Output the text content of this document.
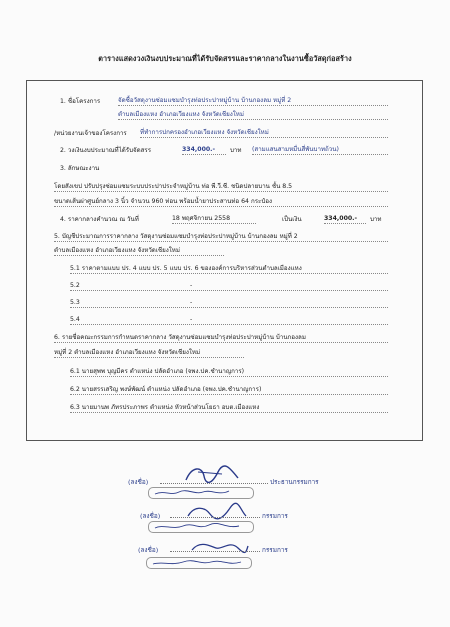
ตารางแสดงวงเงินงบประมาณที่ได้รับจัดสรรและราคากลางในงานซื้อวัสดุก่อสร้าง
1. ชื่อโครงการ	จัดซื้อวัสดุงานซ่อมแซมบำรุงท่อประปาหมู่บ้าน บ้านกองลม หมู่ที่ 2
ตำบลเมืองแหง อำเภอเวียงแหง จังหวัดเชียงใหม่
/หน่วยงานเจ้าของโครงการ ที่ทำการปกครองอำเภอเวียงแหง จังหวัดเชียงใหม่
2. วงเงินงบประมาณที่ได้รับจัดสรร	334,000.-	บาท (สามแสนสามหมื่นสี่พันบาทถ้วน)
3. ลักษณะงาน
โดยสังเขป ปรับปรุงซ่อมแซมระบบประปาประจำหมู่บ้าน ท่อ พี.วี.ซี. ชนิดปลายบาน ชั้น 8.5
ขนาดเส้นผ่าศูนย์กลาง 3 นิ้ว จำนวน 960 ท่อน พร้อมน้ำยาประสานท่อ 64 กระป๋อง
4. ราคากลางคำนวณ ณ วันที่	18 พฤศจิกายน 2558	เป็นเงิน	334,000.-	บาท
5. บัญชีประมาณการราคากลาง วัสดุงานซ่อมแซมบำรุงท่อประปาหมู่บ้าน บ้านกองลม หมู่ที่ 2
ตำบลเมืองแหง อำเภอเวียงแหง จังหวัดเชียงใหม่
5.1 ราคาตามแบบ ปร. 4 แบบ ปร. 5 แบบ ปร. 6 ขององค์การบริหารส่วนตำบลเมืองแหง
5.2	-
5.3	-
5.4	-
6. รายชื่อคณะกรรมการกำหนดราคากลาง วัสดุงานซ่อมแซมบำรุงท่อประปาหมู่บ้าน บ้านกองลม
หมู่ที่ 2 ตำบลเมืองแหง อำเภอเวียงแหง จังหวัดเชียงใหม่
6.1 นายสุพพ บุญมีคร ตำแหน่ง ปลัดอำเภอ (จพง.ปค.ชำนาญการ)
6.2 นายสรรเสริญ พงษ์พัฒน์ ตำแหน่ง ปลัดอำเภอ (จพง.ปค.ชำนาญการ)
6.3 นายมานพ ภัทรประภาพร ตำแหน่ง หัวหน้าส่วนโยธา อบต.เมืองแหง
(ลงชื่อ)	ประธานกรรมการ
(ลงชื่อ)	กรรมการ
(ลงชื่อ)	กรรมการ
